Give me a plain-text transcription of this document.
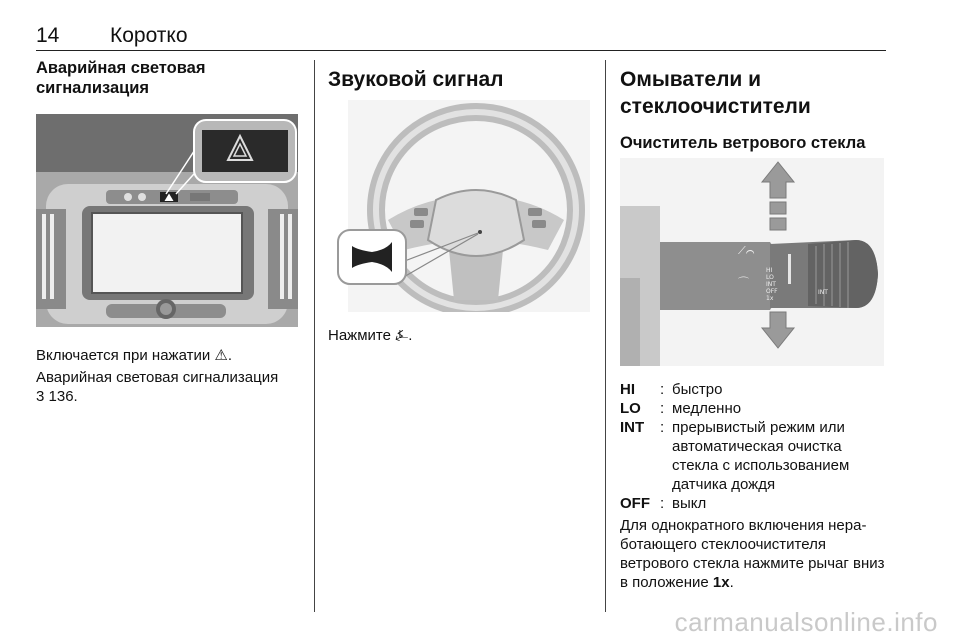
14 Коротко
Аварийная световая сигнализация
Включается при нажатии ⚠.

Аварийная световая сигнализация

3 136.

Звуковой сигнал
Нажмите ⍼.
Омыватели и стеклоочистители
Очиститель ветрового стекла
⟋⌒
⌒
HI
LO
INT
OFF
1x
INT
HI	: быстро
LO	: медленно
INT	: прерывистый режим или автоматическая очистка стекла с использованием датчика дождя
OFF : выкл
Для однократного включения нера-ботающего стеклоочистителя ветрового стекла нажмите рычаг вниз в положение 1x.
carmanualsonline.info
